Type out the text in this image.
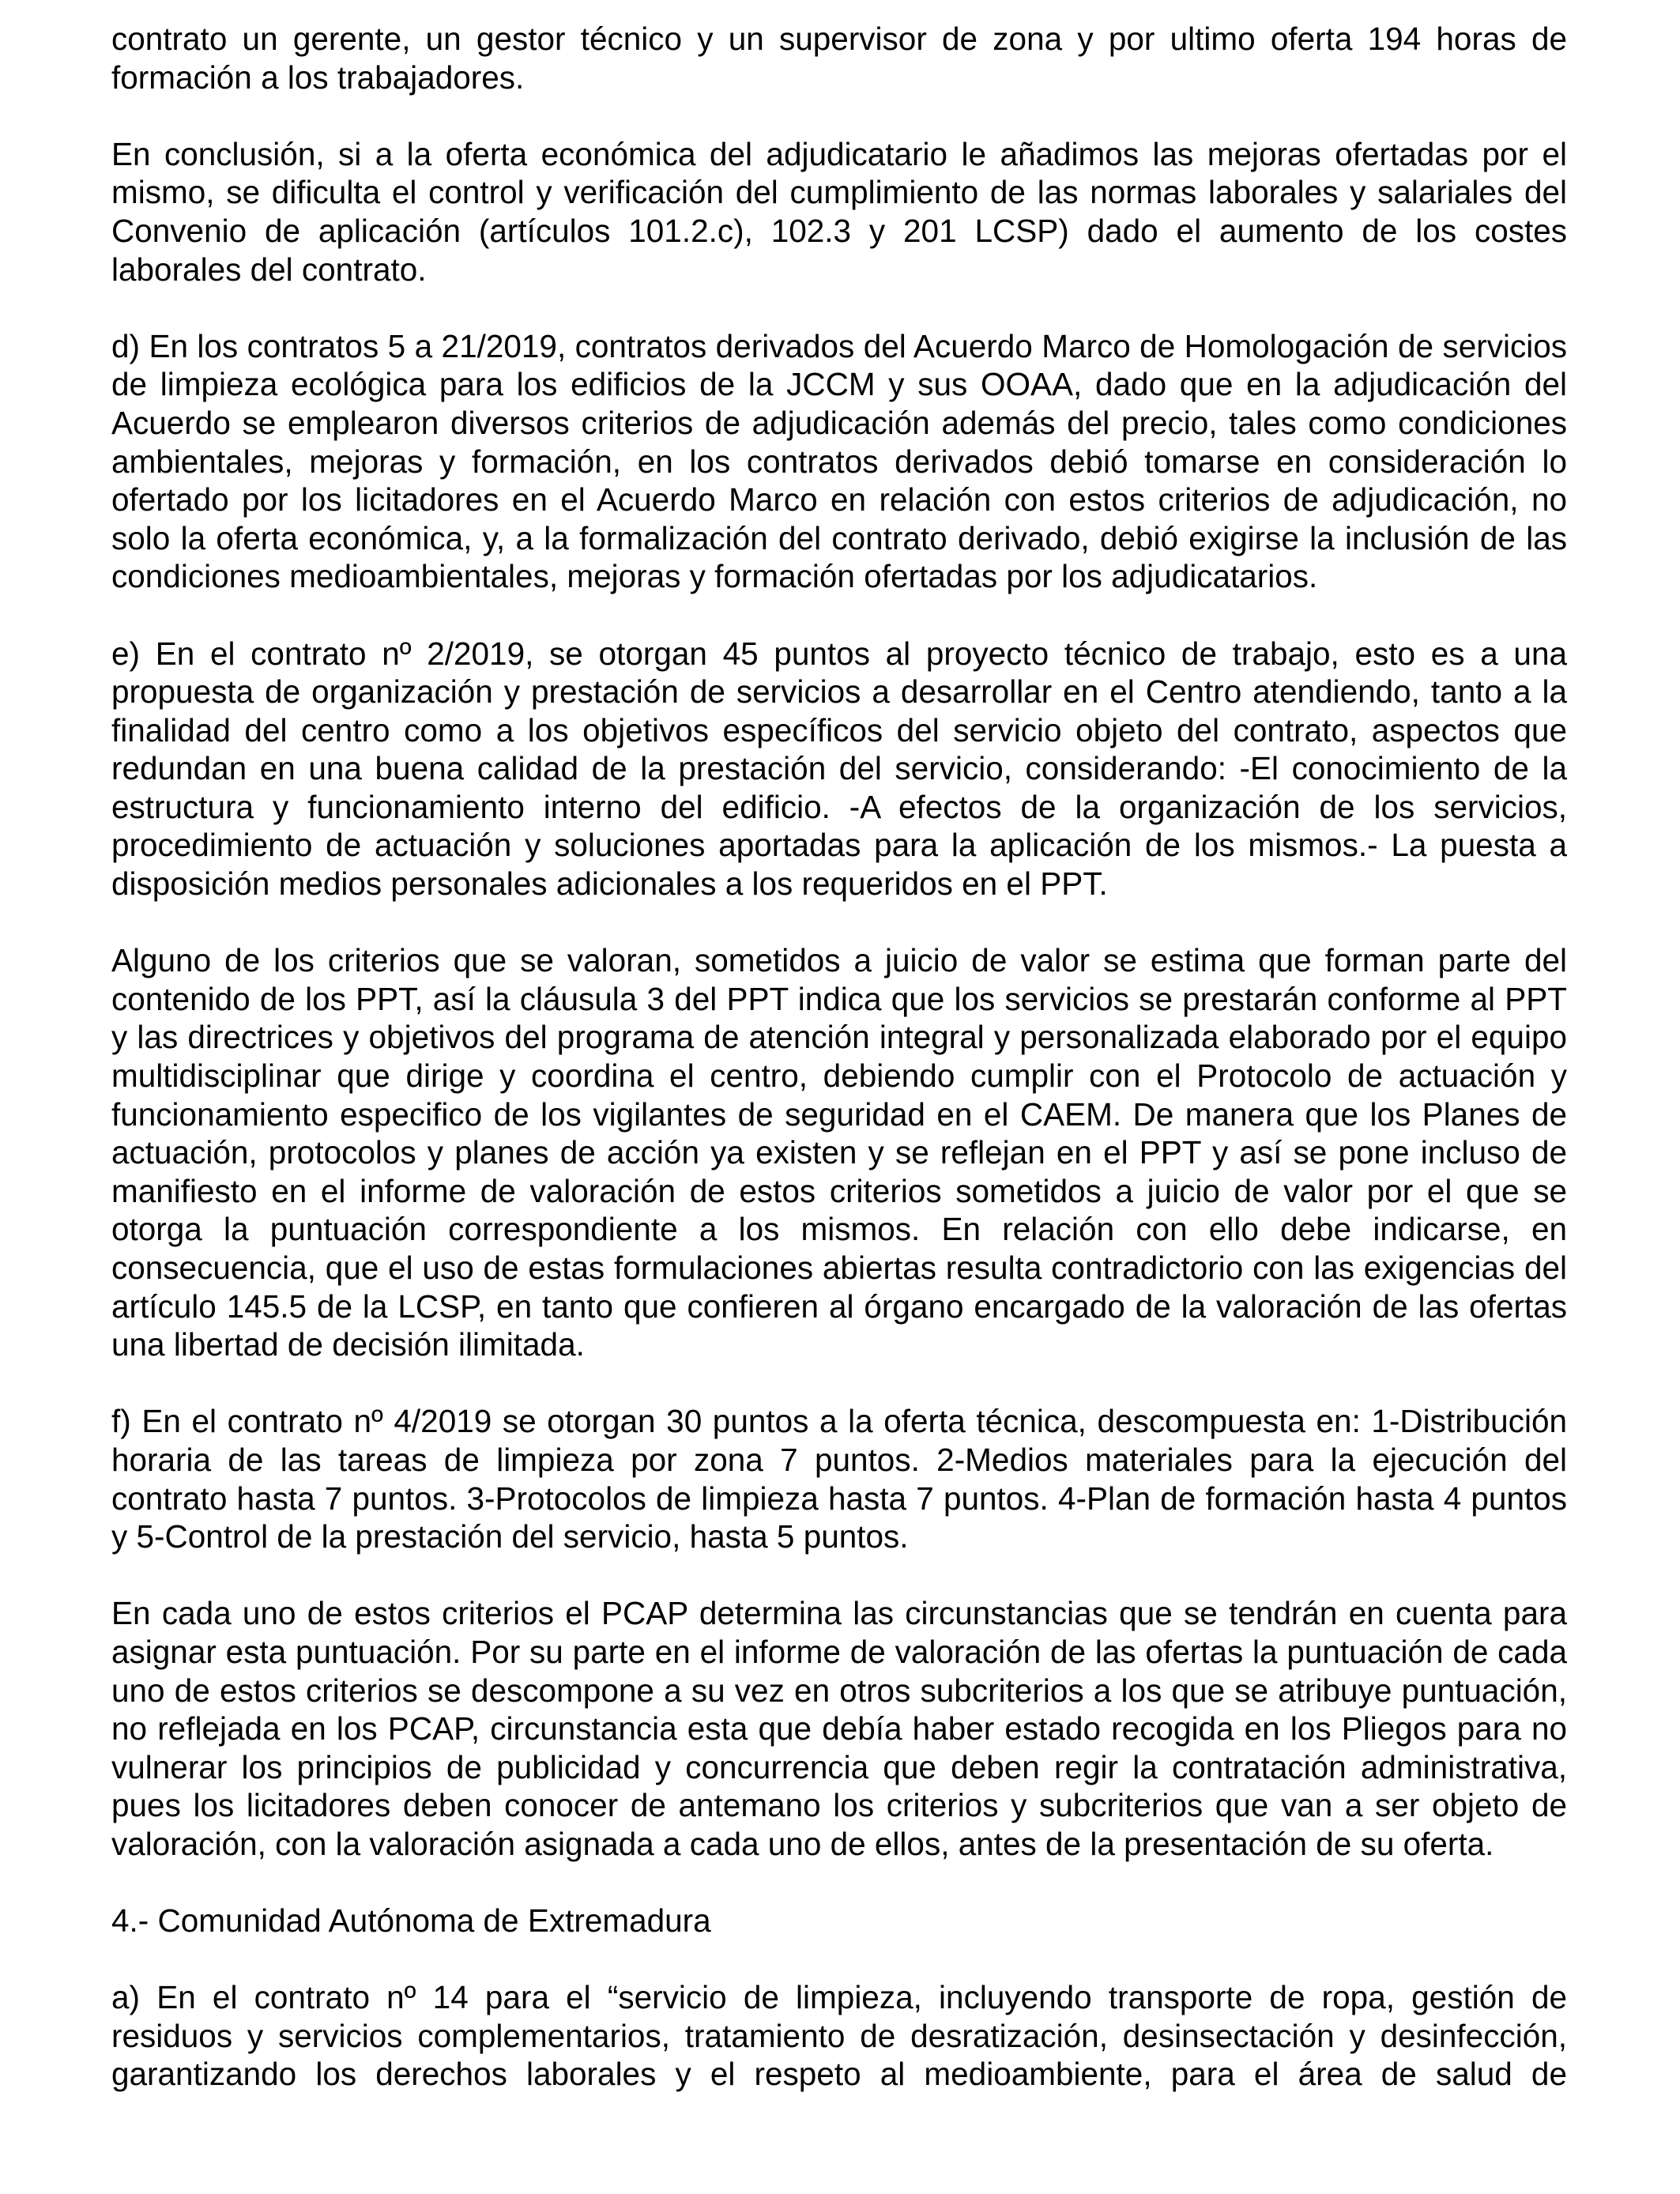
contrato un gerente, un gestor técnico y un supervisor de zona y por ultimo oferta 194 horas de formación a los trabajadores.

En conclusión, si a la oferta económica del adjudicatario le añadimos las mejoras ofertadas por el mismo, se dificulta el control y verificación del cumplimiento de las normas laborales y salariales del Convenio de aplicación (artículos 101.2.c), 102.3 y 201 LCSP) dado el aumento de los costes laborales del contrato.

d) En los contratos 5 a 21/2019, contratos derivados del Acuerdo Marco de Homologación de servicios de limpieza ecológica para los edificios de la JCCM y sus OOAA, dado que en la adjudicación del Acuerdo se emplearon diversos criterios de adjudicación además del precio, tales como condiciones ambientales, mejoras y formación, en los contratos derivados debió tomarse en consideración lo ofertado por los licitadores en el Acuerdo Marco en relación con estos criterios de adjudicación, no solo la oferta económica, y, a la formalización del contrato derivado, debió exigirse la inclusión de las condiciones medioambientales, mejoras y formación ofertadas por los adjudicatarios.

e) En el contrato nº 2/2019, se otorgan 45 puntos al proyecto técnico de trabajo, esto es a una propuesta de organización y prestación de servicios a desarrollar en el Centro atendiendo, tanto a la finalidad del centro como a los objetivos específicos del servicio objeto del contrato, aspectos que redundan en una buena calidad de la prestación del servicio, considerando: -El conocimiento de la estructura y funcionamiento interno del edificio. -A efectos de la organización de los servicios, procedimiento de actuación y soluciones aportadas para la aplicación de los mismos.- La puesta a disposición medios personales adicionales a los requeridos en el PPT.

Alguno de los criterios que se valoran, sometidos a juicio de valor se estima que forman parte del contenido de los PPT, así la cláusula 3 del PPT indica que los servicios se prestarán conforme al PPT y las directrices y objetivos del programa de atención integral y personalizada elaborado por el equipo multidisciplinar que dirige y coordina el centro, debiendo cumplir con el Protocolo de actuación y funcionamiento especifico de los vigilantes de seguridad en el CAEM. De manera que los Planes de actuación, protocolos y planes de acción ya existen y se reflejan en el PPT y así se pone incluso de manifiesto en el informe de valoración de estos criterios sometidos a juicio de valor por el que se otorga la puntuación correspondiente a los mismos. En relación con ello debe indicarse, en consecuencia, que el uso de estas formulaciones abiertas resulta contradictorio con las exigencias del artículo 145.5 de la LCSP, en tanto que confieren al órgano encargado de la valoración de las ofertas una libertad de decisión ilimitada.

f) En el contrato nº 4/2019 se otorgan 30 puntos a la oferta técnica, descompuesta en: 1-Distribución horaria de las tareas de limpieza por zona 7 puntos. 2-Medios materiales para la ejecución del contrato hasta 7 puntos. 3-Protocolos de limpieza hasta 7 puntos. 4-Plan de formación hasta 4 puntos y 5-Control de la prestación del servicio, hasta 5 puntos.

En cada uno de estos criterios el PCAP determina las circunstancias que se tendrán en cuenta para asignar esta puntuación. Por su parte en el informe de valoración de las ofertas la puntuación de cada uno de estos criterios se descompone a su vez en otros subcriterios a los que se atribuye puntuación, no reflejada en los PCAP, circunstancia esta que debía haber estado recogida en los Pliegos para no vulnerar los principios de publicidad y concurrencia que deben regir la contratación administrativa, pues los licitadores deben conocer de antemano los criterios y subcriterios que van a ser objeto de valoración, con la valoración asignada a cada uno de ellos, antes de la presentación de su oferta.

4.- Comunidad Autónoma de Extremadura

a) En el contrato nº 14 para el “servicio de limpieza, incluyendo transporte de ropa, gestión de residuos y servicios complementarios, tratamiento de desratización, desinsectación y desinfección, garantizando los derechos laborales y el respeto al medioambiente, para el área de salud de
